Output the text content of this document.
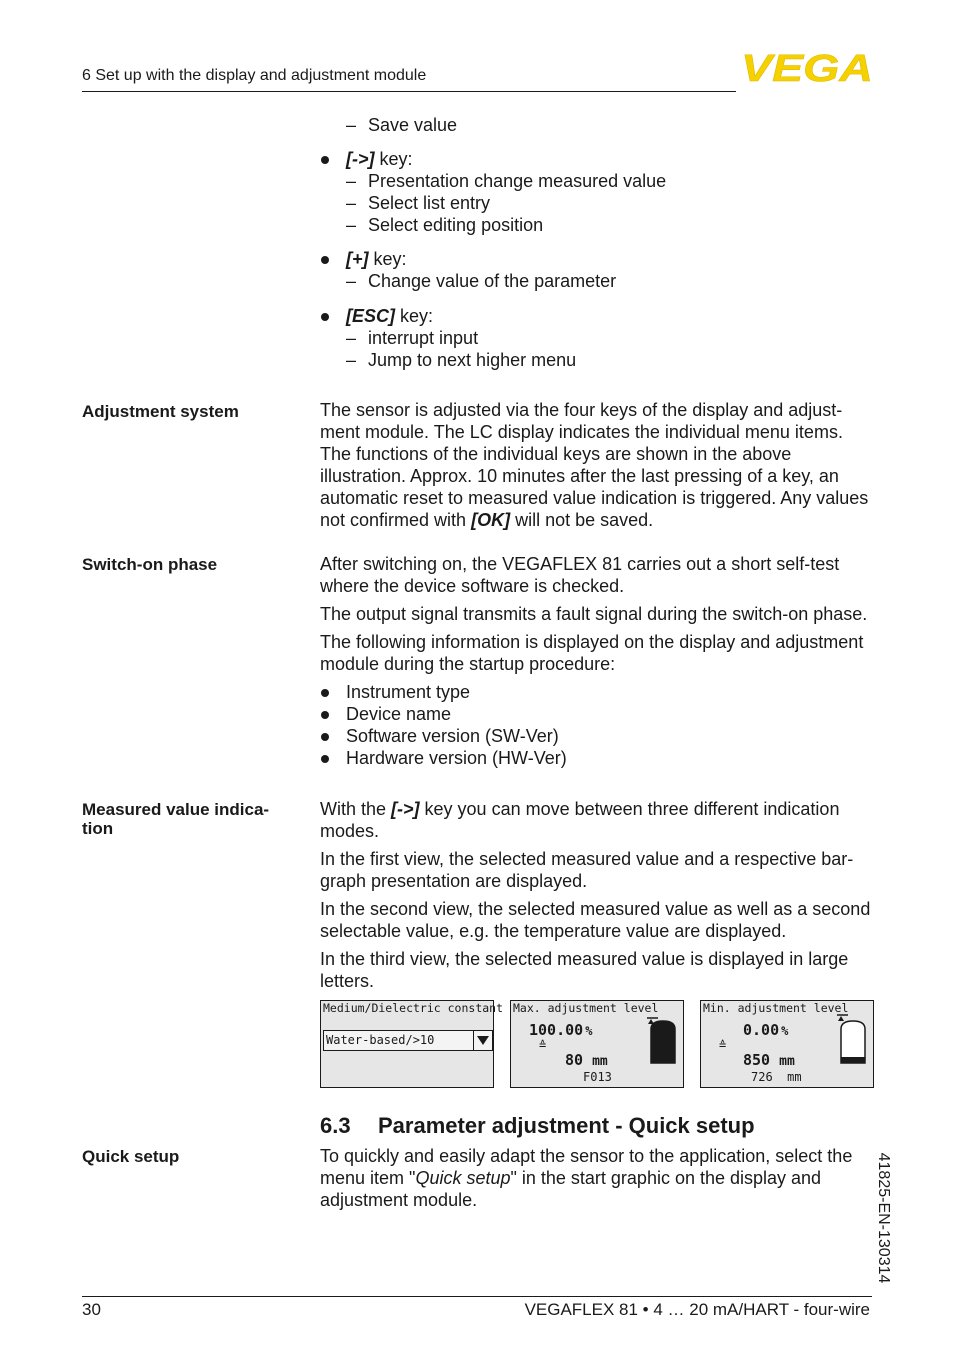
6 Set up with the display and adjustment module	VEGA
– Save value
[->] key:
– Presentation change measured value
– Select list entry
– Select editing position
[+] key:
– Change value of the parameter
[ESC] key:
– interrupt input
– Jump to next higher menu
Adjustment system	The sensor is adjusted via the four keys of the display and adjust-ment module. The LC display indicates the individual menu items. The functions of the individual keys are shown in the above illustration. Approx. 10 minutes after the last pressing of a key, an automatic reset to measured value indication is triggered. Any values not confirmed with [OK] will not be saved.
Switch-on phase	After switching on, the VEGAFLEX 81 carries out a short self-test where the device software is checked.

The output signal transmits a fault signal during the switch-on phase.

The following information is displayed on the display and adjustment module during the startup procedure:

Instrument type
Device name
Software version (SW-Ver)
Hardware version (HW-Ver)
Measured value indica-tion

With the [->] key you can move between three different indication modes.

In the first view, the selected measured value and a respective bar-graph presentation are displayed.

In the second view, the selected measured value as well as a second selectable value, e.g. the temperature value are displayed.

In the third view, the selected measured value is displayed in large letters.

Medium/Dielectric constant
Water-based/>10
Max. adjustment level
100.00 %
≙
80 mm
F013
Min. adjustment level
0.00 %
≙
850 mm
726 mm
6.3 Parameter adjustment - Quick setup
Quick setup	To quickly and easily adapt the sensor to the application, select the menu item "Quick setup" in the start graphic on the display and adjustment module.	41825-EN-130314
30	VEGAFLEX 81 • 4 … 20 mA/HART - four-wire
